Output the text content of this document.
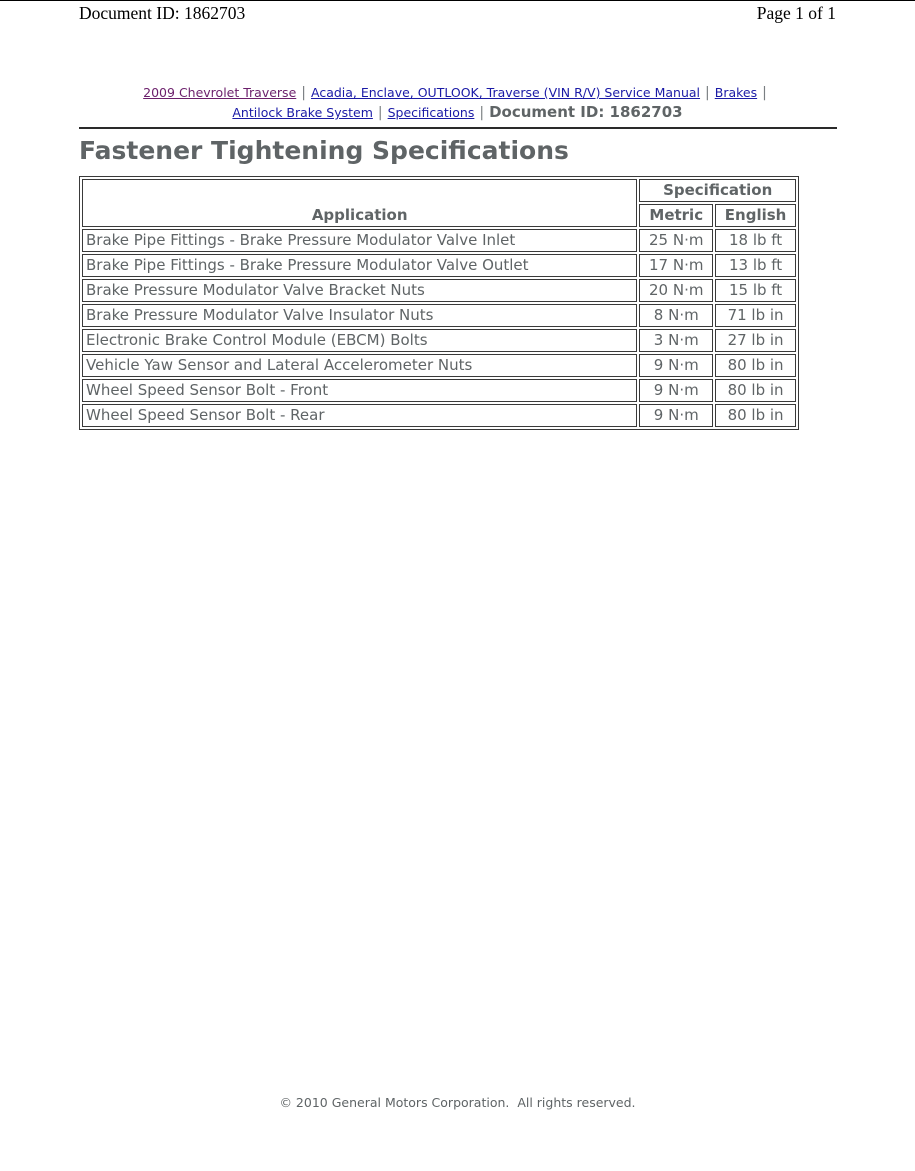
Document ID: 1862703	Page 1 of 1
2009 Chevrolet Traverse | Acadia, Enclave, OUTLOOK, Traverse (VIN R/V) Service Manual | Brakes |
Antilock Brake System | Specifications | Document ID: 1862703
Fastener Tightening Specifications
Application	Specification	
	Metric	English
Brake Pipe Fittings - Brake Pressure Modulator Valve Inlet	25 N·m	18 lb ft
Brake Pipe Fittings - Brake Pressure Modulator Valve Outlet	17 N·m	13 lb ft
Brake Pressure Modulator Valve Bracket Nuts	20 N·m	15 lb ft
Brake Pressure Modulator Valve Insulator Nuts	8 N·m	71 lb in
Electronic Brake Control Module (EBCM) Bolts	3 N·m	27 lb in
Vehicle Yaw Sensor and Lateral Accelerometer Nuts	9 N·m	80 lb in
Wheel Speed Sensor Bolt - Front	9 N·m	80 lb in
Wheel Speed Sensor Bolt - Rear	9 N·m	80 lb in
© 2010 General Motors Corporation.  All rights reserved.
